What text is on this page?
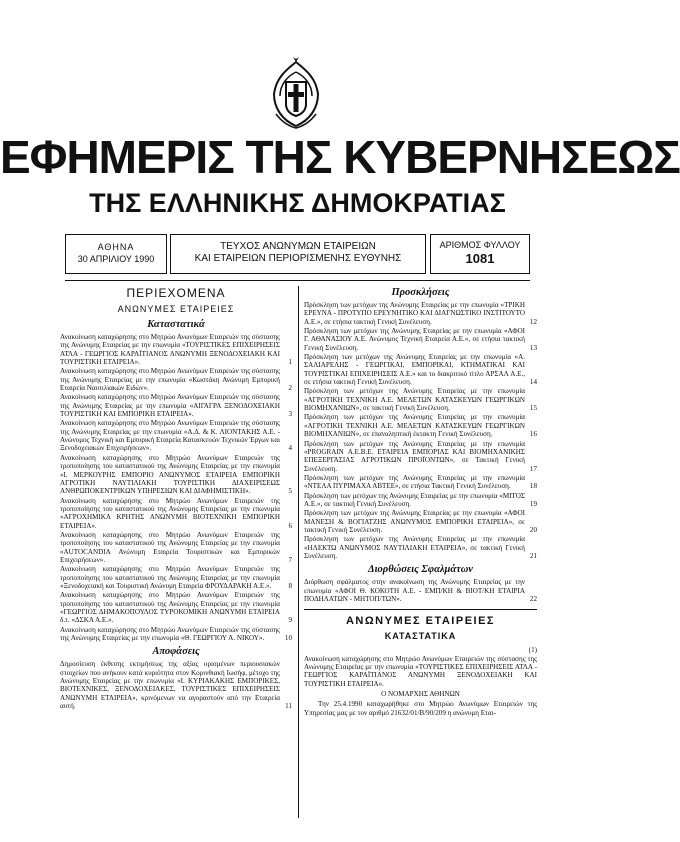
ΕΦΗΜΕΡΙΣ ΤΗΣ ΚΥΒΕΡΝΗΣΕΩΣ
ΤΗΣ ΕΛΛΗΝΙΚΗΣ ΔΗΜΟΚΡΑΤΙΑΣ
ΑΘΗΝΑ
30 ΑΠΡΙΛΙΟΥ 1990
ΤΕΥΧΟΣ ΑΝΩΝΥΜΩΝ ΕΤΑΙΡΕΙΩΝ
ΚΑΙ ΕΤΑΙΡΕΙΩΝ ΠΕΡΙΟΡΙΣΜΕΝΗΣ ΕΥΘΥΝΗΣ
ΑΡΙΘΜΟΣ ΦΥΛΛΟΥ
1081
ΠΕΡΙΕΧΟΜΕΝΑ
ΑΝΩΝΥΜΕΣ ΕΤΑΙΡΕΙΕΣ
Καταστατικά
Ανακοίνωση καταχώρησης στο Μητρώο Ανωνύμων Εταιρειών της σύστασης της Ανώνυμης Εταιρείας με την επωνυμία «ΤΟΥΡΙΣΤΙΚΕΣ ΕΠΙΧΕΙΡΗΣΕΙΣ ΑΤΛΑ - ΓΕΩΡΓΙΟΣ ΚΑΡΑΪΤΙΑΝΟΣ ΑΝΩΝΥΜΗ ΞΕΝΟΔΟΧΕΙΑΚΗ ΚΑΙ ΤΟΥΡΙΣΤΙΚΗ ΕΤΑΙΡΕΙΑ».	1
Ανακοίνωση καταχώρησης στο Μητρώο Ανωνύμων Εταιρειών της σύστασης της Ανώνυμης Εταιρείας με την επωνυμία «Κωστάκη Ανώνυμη Εμπορική Εταιρεία Ναυτιλιακών Ειδών».	2
Ανακοίνωση καταχώρησης στο Μητρώο Ανωνύμων Εταιρειών της σύστασης της Ανώνυμης Εταιρείας με την επωνυμία «ΑΙΓΑΓΡΑ ΞΕΝΟΔΟΧΕΙΑΚΗ ΤΟΥΡΙΣΤΙΚΗ ΚΑΙ ΕΜΠΟΡΙΚΗ ΕΤΑΙΡΕΙΑ».	3
Ανακοίνωση καταχώρησης στο Μητρώο Ανωνύμων Εταιρειών της σύστασης της Ανώνυμης Εταιρείας με την επωνυμία «Α.Δ. & Κ. ΛΙΟΝΤΑΚΗΣ Α.Ε. - Ανώνυμος Τεχνική και Εμπορική Εταιρεία Κατασκευών Τεχνικών Έργων και Ξενοδοχειακών Επιχειρήσεων».	4
Ανακοίνωση καταχώρησης στο Μητρώο Ανωνύμων Εταιρειών της τροποποίησης του καταστατικού της Ανώνυμης Εταιρείας με την επωνυμία «Ι. ΜΕΡΚΟΥΡΗΣ ΕΜΠΟΡΙΟ ΑΝΩΝΥΜΟΣ ΕΤΑΙΡΕΙΑ ΕΜΠΟΡΙΚΗ ΑΓΡΟΤΙΚΗ ΝΑΥΤΙΛΙΑΚΗ ΤΟΥΡΙΣΤΙΚΗ ΔΙΑΧΕΙΡΙΣΕΩΣ ΑΝΘΡΩΠΟΚΕΝΤΡΙΚΩΝ ΥΠΗΡΕΣΙΩΝ ΚΑΙ ΔΙΑΦΗΜΙΣΤΙΚΗ».	5
Ανακοίνωση καταχώρησης στο Μητρώο Ανωνύμων Εταιρειών της τροποποίησης του καταστατικού της Ανώνυμης Εταιρείας με την επωνυμία «ΑΓΡΟΧΗΜΙΚΑ ΚΡΗΤΗΣ ΑΝΩΝΥΜΗ ΒΙΟΤΕΧΝΙΚΗ ΕΜΠΟΡΙΚΗ ΕΤΑΙΡΕΙΑ».	6
Ανακοίνωση καταχώρησης στο Μητρώο Ανωνύμων Εταιρειών της τροποποίησης του καταστατικού της Ανώνυμης Εταιρείας με την επωνυμία «AUTOCANDIA Ανώνυμη Εταιρεία Τουριστικών και Εμπορικών Επιχειρήσεων».	7
Ανακοίνωση καταχώρησης στο Μητρώο Ανωνύμων Εταιρειών της τροποποίησης του καταστατικού της Ανώνυμης Εταιρείας με την επωνυμία «Ξενοδοχειακή και Τουριστική Ανώνυμη Εταιρεία ΦΡΟΥΔΑΡΑΚΗ Α.Ε.». 8
Ανακοίνωση καταχώρησης στο Μητρώο Ανωνύμων Εταιρειών της τροποποίησης του καταστατικού της Ανώνυμης Εταιρείας με την επωνυμία «ΓΕΩΡΓΙΟΣ ΔΗΜΑΚΟΠΟΥΛΟΣ ΤΥΡΟΚΟΜΙΚΗ ΑΝΩΝΥΜΗ ΕΤΑΙΡΕΙΑ δ.τ. «ΔΣΚΑ Α.Ε.».	9
Ανακοίνωση καταχώρησης στο Μητρώο Ανωνύμων Εταιρειών της σύστασης της Ανώνυμης Εταιρείας με την επωνυμία «Θ. ΓΕΩΡΓΙΟΥ Α. ΝΙΚΟΥ».	10
Αποφάσεις
Δημοσίευση έκθεσης εκτιμήσεως της αξίας ορισμένων περιουσιακών στοιχείων που ανήκουν κατά κυριότητα στον Κορινθιακή Ιωσήφ, μέτοχο της Ανώνυμης Εταιρείας με την επωνυμία «Ι. ΚΥΡΙΑΚΑΚΗΣ ΕΜΠΟΡΙΚΕΣ, ΒΙΟΤΕΧΝΙΚΕΣ, ΞΕΝΟΔΟΧΕΙΑΚΕΣ, ΤΟΥΡΙΣΤΙΚΕΣ ΕΠΙΧΕΙΡΗΣΕΙΣ ΑΝΩΝΥΜΗ ΕΤΑΙΡΕΙΑ», κρινόμενων να αγοραστούν από την Εταιρεία αυτή.	11
Προσκλήσεις
Πρόσκληση των μετόχων της Ανώνυμης Εταιρείας με την επωνυμία «ΤΡΙΚΗ ΕΡΕΥΝΑ - ΠΡΟΤΥΠΟ ΕΡΕΥΝΗΤΙΚΟ ΚΑΙ ΔΙΑΓΝΩΣΤΙΚΟ ΙΝΣΤΙΤΟΥΤΟ Α.Ε.», σε ετήσια τακτική Γενική Συνέλευση.	12
Πρόσκληση των μετόχων της Ανώνυμης Εταιρείας με την επωνυμία «ΑΦΟΙ Γ. ΑΘΑΝΑΣΙΟΥ Α.Ε. Ανώνυμος Τεχνική Εταιρεία Α.Ε.», σε ετήσια τακτική Γενική Συνέλευση.	13
Πρόσκληση των μετόχων της Ανώνυμης Εταιρείας με την επωνυμία «Α. ΣΑΛΙΑΡΕΛΗΣ - ΓΕΩΡΓΙΚΑΙ, ΕΜΠΟΡΙΚΑΙ, ΚΤΗΜΑΤΙΚΑΙ ΚΑΙ ΤΟΥΡΙΣΤΙΚΑΙ ΕΠΙΧΕΙΡΗΣΕΙΣ Α.Ε.» και το διακριτικό τίτλο ΑΡΣΑΛ Α.Ε., σε ετήσια τακτική Γενική Συνέλευση.	14
Πρόσκληση των μετόχων της Ανώνυμης Εταιρείας με την επωνυμία «ΑΓΡΟΤΙΚΗ ΤΕΧΝΙΚΗ Α.Ε. ΜΕΛΕΤΩΝ ΚΑΤΑΣΚΕΥΩΝ ΓΕΩΡΓΙΚΩΝ ΒΙΟΜΗΧΑΝΙΩΝ», σε τακτική Γενική Συνέλευση.	15
Πρόσκληση των μετόχων της Ανώνυμης Εταιρείας με την επωνυμία «ΑΓΡΟΤΙΚΗ ΤΕΧΝΙΚΗ Α.Ε. ΜΕΛΕΤΩΝ ΚΑΤΑΣΚΕΥΩΝ ΓΕΩΡΓΙΚΩΝ ΒΙΟΜΗΧΑΝΙΩΝ», σε επαναληπτική έκτακτη Γενική Συνέλευση.	16
Πρόσκληση των μετόχων της Ανώνυμης Εταιρείας με την επωνυμία «PROGRAIN Α.Ε.Β.Ε. ΕΤΑΙΡΕΙΑ ΕΜΠΟΡΙΑΣ ΚΑΙ ΒΙΟΜΗΧΑΝΙΚΗΣ ΕΠΕΞΕΡΓΑΣΙΑΣ ΑΓΡΟΤΙΚΩΝ ΠΡΟΪΟΝΤΩΝ», σε Τακτική Γενική Συνέλευση.	17
Πρόσκληση των μετόχων της Ανώνυμης Εταιρείας με την επωνυμία «ΝΤΕΛΑ ΠΥΡΙΜΑΧΑ ΑΒΤΕΕ», σε ετήσια Τακτική Γενική Συνέλευση.	18
Πρόσκληση των μετόχων της Ανώνυμης Εταιρείας με την επωνυμία «ΜΙΤΟΣ Α.Ε.», σε τακτική Γενική Συνέλευση.	19
Πρόσκληση των μετόχων της Ανώνυμης Εταιρείας με την επωνυμία «ΑΦΟΙ ΜΑΝΕΣΗ & ΒΟΓΙΑΤΖΗΣ ΑΝΩΝΥΜΟΣ ΕΜΠΟΡΙΚΗ ΕΤΑΙΡΕΙΑ», σε τακτική Γενική Συνέλευση.	20
Πρόσκληση των μετόχων της Ανώνυμης Εταιρείας με την επωνυμία «ΗΛΕΚΤΩ ΑΝΩΝΥΜΟΣ ΝΑΥΤΙΛΙΑΚΗ ΕΤΑΙΡΕΙΑ», σε τακτική Γενική Συνέλευση.	21
Διορθώσεις Σφαλμάτων
Διόρθωση σφάλματος στην ανακοίνωση της Ανώνυμης Εταιρείας με την επωνυμία «ΑΦΟΙ Θ. ΚΟΚΟΤΗ Α.Ε. - ΕΜΠ/ΚΗ & ΒΙΟΤ/ΚΗ ΕΤΑΙΡΙΑ ΠΟΔΗΛΑΤΩΝ - ΜΗΤΟΠ/ΤΩΝ».	22
ΑΝΩΝΥΜΕΣ ΕΤΑΙΡΕΙΕΣ
ΚΑΤΑΣΤΑΤΙΚΑ
(1)
Ανακοίνωση καταχώρησης στο Μητρώο Ανωνύμων Εταιρειών της σύστασης της Ανώνυμης Εταιρείας με την επωνυμία «ΤΟΥΡΙΣΤΙΚΕΣ ΕΠΙΧΕΙΡΗΣΕΙΣ ΑΤΛΑ - ΓΕΩΡΓΙΟΣ ΚΑΡΑΪΤΙΑΝΟΣ ΑΝΩΝΥΜΗ ΞΕΝΟΔΟΧΕΙΑΚΗ ΚΑΙ ΤΟΥΡΙΣΤΙΚΗ ΕΤΑΙΡΕΙΑ».
Ο ΝΟΜΑΡΧΗΣ ΑΘΗΝΩΝ
Την 25.4.1990 καταχωρήθηκε στο Μητρώο Ανωνύμων Εταιρειών της Υπηρεσίας μας με τον αριθμό 21632/01/Β/90/209 η ανώνυμη Εται-
